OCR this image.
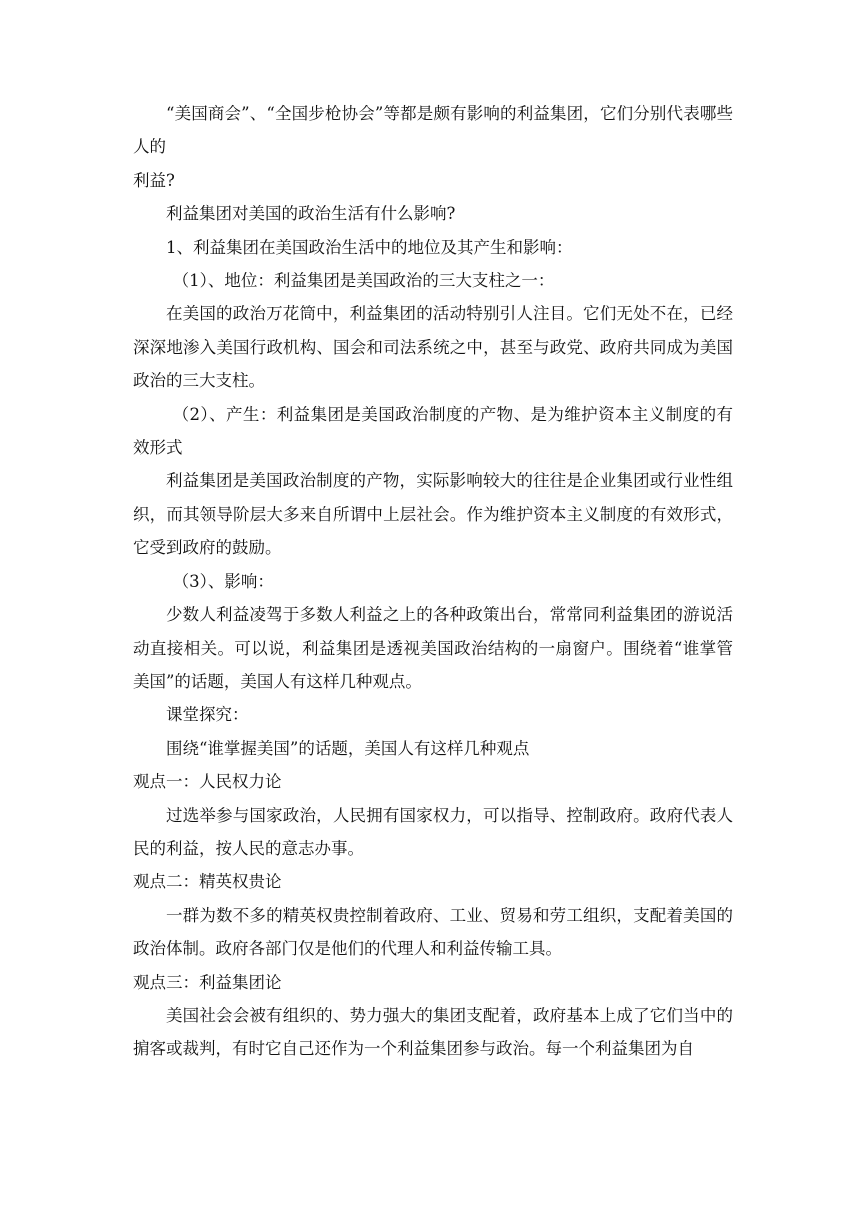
“美国商会”、“全国步枪协会”等都是颇有影响的利益集团，它们分别代表哪些人的

利益?

利益集团对美国的政治生活有什么影响?

1、利益集团在美国政治生活中的地位及其产生和影响：

（1）、地位：利益集团是美国政治的三大支柱之一：

在美国的政治万花筒中，利益集团的活动特别引人注目。它们无处不在，已经深深地渗入美国行政机构、国会和司法系统之中，甚至与政党、政府共同成为美国政治的三大支柱。

（2）、产生：利益集团是美国政治制度的产物、是为维护资本主义制度的有效形式

利益集团是美国政治制度的产物，实际影响较大的往往是企业集团或行业性组织，而其领导阶层大多来自所谓中上层社会。作为维护资本主义制度的有效形式，它受到政府的鼓励。

（3）、影响：

少数人利益凌驾于多数人利益之上的各种政策出台，常常同利益集团的游说活动直接相关。可以说，利益集团是透视美国政治结构的一扇窗户。围绕着“谁掌管美国”的话题，美国人有这样几种观点。

课堂探究：

围绕“谁掌握美国”的话题，美国人有这样几种观点

观点一：人民权力论

过选举参与国家政治，人民拥有国家权力，可以指导、控制政府。政府代表人民的利益，按人民的意志办事。

观点二：精英权贵论

一群为数不多的精英权贵控制着政府、工业、贸易和劳工组织，支配着美国的政治体制。政府各部门仅是他们的代理人和利益传输工具。

观点三：利益集团论

美国社会会被有组织的、势力强大的集团支配着，政府基本上成了它们当中的掮客或裁判，有时它自己还作为一个利益集团参与政治。每一个利益集团为自
